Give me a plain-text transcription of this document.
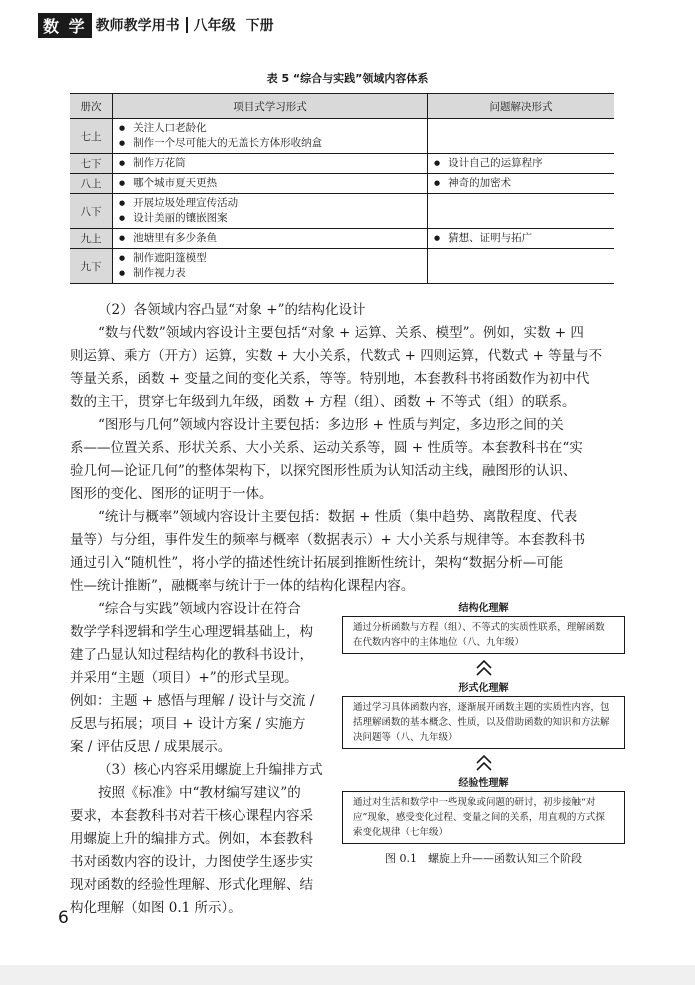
数 学 教师教学用书 八年级 下册
表 5 “综合与实践”领域内容体系
册次	项目式学习形式	问题解决形式
七上	● 关注人口老龄化
● 制作一个尽可能大的无盖长方体形收纳盒

七下	● 制作万花筒	● 设计自己的运算程序

八上	● 哪个城市夏天更热	● 神奇的加密术

八下	● 开展垃圾处理宣传活动
● 设计美丽的镶嵌图案

九上	● 池塘里有多少条鱼	● 猜想、证明与拓广

九下	● 制作遮阳篷模型
● 制作视力表

（2）各领域内容凸显“对象 +”的结构化设计
“数与代数”领域内容设计主要包括“对象 + 运算、关系、模型”。例如，实数 + 四
则运算、乘方（开方）运算，实数 + 大小关系，代数式 + 四则运算，代数式 + 等量与不
等量关系，函数 + 变量之间的变化关系，等等。特别地，本套教科书将函数作为初中代
数的主干，贯穿七年级到九年级，函数 + 方程（组）、函数 + 不等式（组）的联系。
“图形与几何”领域内容设计主要包括：多边形 + 性质与判定，多边形之间的关
系——位置关系、形状关系、大小关系、运动关系等，圆 + 性质等。本套教科书在“实
验几何—论证几何”的整体架构下，以探究图形性质为认知活动主线，融图形的认识、
图形的变化、图形的证明于一体。
“统计与概率”领域内容设计主要包括：数据 + 性质（集中趋势、离散程度、代表
量等）与分组，事件发生的频率与概率（数据表示）+ 大小关系与规律等。本套教科书
通过引入“随机性”，将小学的描述性统计拓展到推断性统计，架构“数据分析—可能
性—统计推断”，融概率与统计于一体的结构化课程内容。
“综合与实践”领域内容设计在符合
数学学科逻辑和学生心理逻辑基础上，构
建了凸显认知过程结构化的教科书设计，
并采用“主题（项目）+”的形式呈现。
例如：主题 + 感悟与理解 / 设计与交流 /
反思与拓展；项目 + 设计方案 / 实施方
案 / 评估反思 / 成果展示。
（3）核心内容采用螺旋上升编排方式
按照《标准》中“教材编写建议”的
要求，本套教科书对若干核心课程内容采
用螺旋上升的编排方式。例如，本套教科
书对函数内容的设计，力图使学生逐步实
现对函数的经验性理解、形式化理解、结
构化理解（如图 0.1 所示）。
结构化理解
通过分析函数与方程（组）、不等式的实质性联系，理解函数在代数内容中的主体地位（八、九年级）
形式化理解
通过学习具体函数内容，逐渐展开函数主题的实质性内容，包括理解函数的基本概念、性质，以及借助函数的知识和方法解决问题等（八、九年级）
经验性理解
通过对生活和数学中一些现象或问题的研讨，初步接触“对应”现象，感受变化过程、变量之间的关系，用直观的方式探索变化规律（七年级）
图 0.1　螺旋上升——函数认知三个阶段
6
